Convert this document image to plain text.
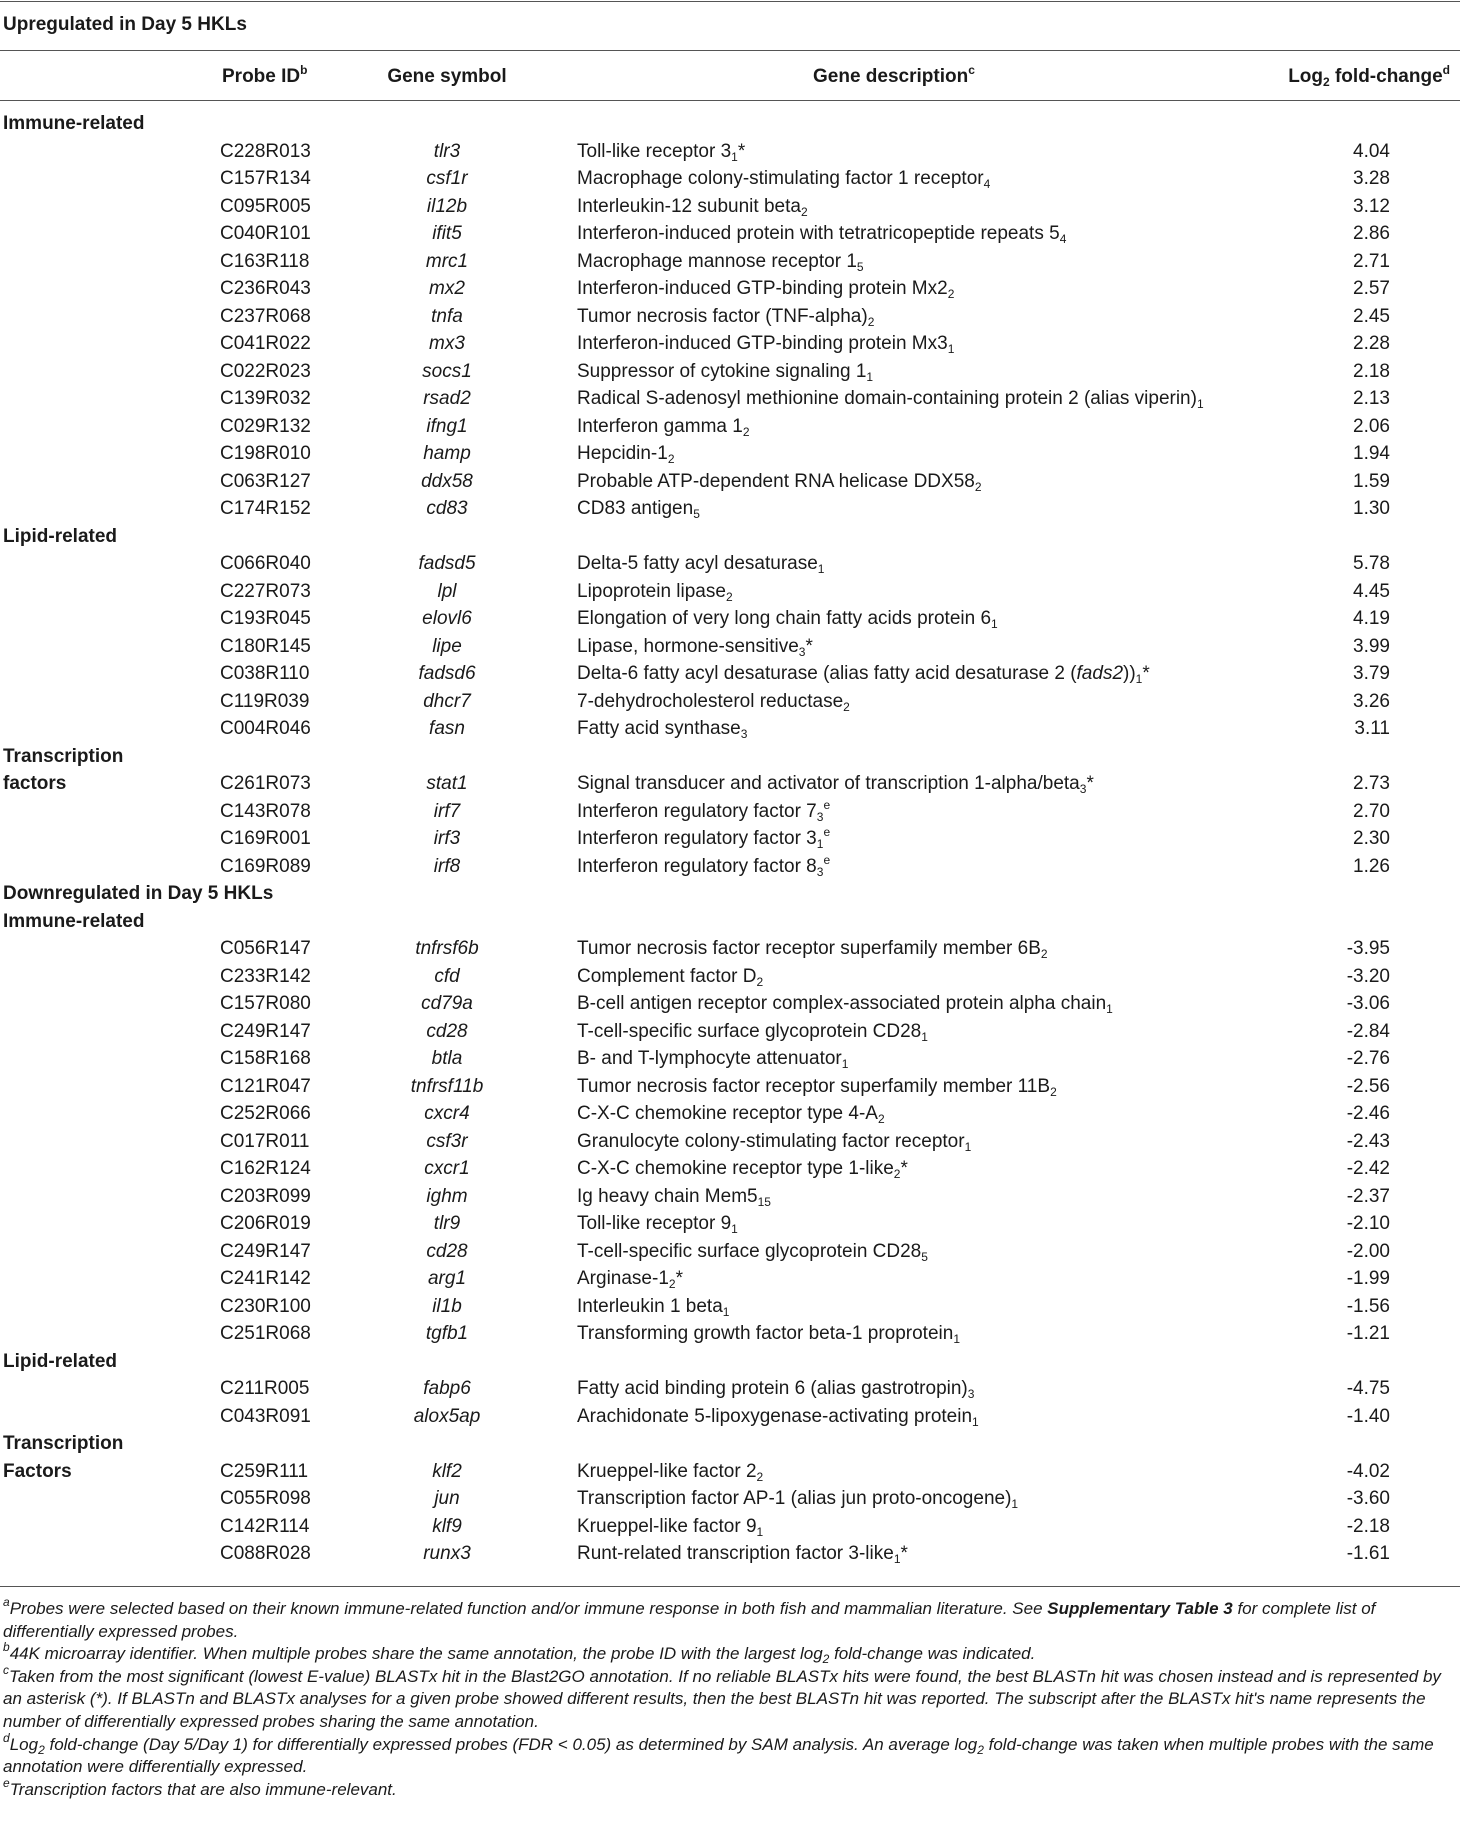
Upregulated in Day 5 HKLs
Probe $ID^b$	Gene symbol	Gene description$^c$	Log$_2$ fold-change$^d$
Immune-related
C228R013	tlr3	Toll-like receptor $3_1*$	4.04
C157R134	csf1r	Macrophage colony-stimulating factor 1 receptor$_4$	3.28
C095R005	il12b	Interleukin-12 subunit beta$_2$	3.12
C040R101	ifit5	Interferon-induced protein with tetratricopeptide repeats $5_4$	2.86
C163R118	mrc1	Macrophage mannose receptor $1_5$	2.71
C236R043	mx2	Interferon-induced GTP-binding protein $Mx2_2$	2.57
C237R068	tnfa	Tumor necrosis factor $(TNF-alpha)_2$	2.45
C041R022	mx3	Interferon-induced GTP-binding protein $Mx3_1$	2.28
C022R023	socs1	Suppressor of cytokine signaling $1_1$	2.18
C139R032	rsad2	Radical S-adenosyl methionine domain-containing protein 2 (alias $viperin)_1$	2.13
C029R132	ifng1	Interferon gamma $1_2$	2.06
C198R010	hamp	Hepcidin-$1_2$	1.94
C063R127	ddx58	Probable ATP-dependent RNA helicase $DDX58_2$	1.59
C174R152	cd83	CD83 antigen$_5$	1.30
Lipid-related
C066R040	fadsd5	Delta-5 fatty acyl desaturase$_1$	5.78
C227R073	lpl	Lipoprotein lipase$_2$	4.45
C193R045	elovl6	Elongation of very long chain fatty acids protein $6_1$	4.19
C180R145	lipe	Lipase, hormone-sensitive$_3$*	3.99
C038R110	fadsd6	Delta-6 fatty acyl desaturase (alias fatty acid desaturase 2 $(fads2))_1*$	3.79
C119R039	dhcr7	7-dehydrocholesterol reductase$_2$	3.26
C004R046	fasn	Fatty acid synthase$_3$	3.11
Transcription
factors	C261R073	stat1	Signal transducer and activator of transcription 1-alpha/beta$_3$*	2.73
C143R078	irf7	Interferon regulatory factor $7_3^e$	2.70
C169R001	irf3	Interferon regulatory factor $3_1^e$	2.30
C169R089	irf8	Interferon regulatory factor $8_3^e$	1.26
Downregulated in Day 5 HKLs
Immune-related
C056R147	tnfrsf6b	Tumor necrosis factor receptor superfamily member $6B_2$	-3.95
C233R142	cfd	Complement factor $D_2$	-3.20
C157R080	cd79a	B-cell antigen receptor complex-associated protein alpha chain$_1$	-3.06
C249R147	cd28	T-cell-specific surface glycoprotein $CD28_1$	-2.84
C158R168	btla	B- and T-lymphocyte attenuator$_1$	-2.76
C121R047	tnfrsf11b	Tumor necrosis factor receptor superfamily member $11B_2$	-2.56
C252R066	cxcr4	C-X-C chemokine receptor type $4-A_2$	-2.46
C017R011	csf3r	Granulocyte colony-stimulating factor receptor$_1$	-2.43
C162R124	cxcr1	C-X-C chemokine receptor type 1-like$_2$*	-2.42
C203R099	ighm	Ig heavy chain $Mem5_{15}$	-2.37
C206R019	tlr9	Toll-like receptor $9_1$	-2.10
C249R147	cd28	T-cell-specific surface glycoprotein $CD28_5$	-2.00
C241R142	arg1	Arginase-$1_2*$	-1.99
C230R100	il1b	Interleukin 1 beta$_1$	-1.56
C251R068	tgfb1	Transforming growth factor beta-1 proprotein$_1$	-1.21
Lipid-related
C211R005	fabp6	Fatty acid binding protein 6 (alias $gastrotropin)_3$	-4.75
C043R091	alox5ap	Arachidonate 5-lipoxygenase-activating protein$_1$	-1.40
Transcription
Factors	C259R111	klf2	Krueppel-like factor $2_2$	-4.02
C055R098	jun	Transcription factor AP-1 (alias jun proto-$oncogene)_1$	-3.60
C142R114	klf9	Krueppel-like factor $9_1$	-2.18
C088R028	runx3	Runt-related transcription factor 3-like$_1$*	-1.61

$^a$Probes were selected based on their known immune-related function and/or immune response in both fish and mammalian literature. See Supplementary Table 3 for complete list of differentially expressed probes.

$^b$44K microarray identifier. When multiple probes share the same annotation, the probe ID with the largest $\log_2$ fold-change was indicated.

$^c$Taken from the most significant (lowest E-value) BLASTx hit in the Blast2GO annotation. If no reliable BLASTx hits were found, the best BLASTn hit was chosen instead and is represented by an asterisk (*). If BLASTn and BLASTx analyses for a given probe showed different results, then the best BLASTn hit was reported. The subscript after the BLASTx hit's name represents the number of differentially expressed probes sharing the same annotation.

$^d$Log$_2$ fold-change (Day 5/Day 1) for differentially expressed probes (FDR < 0.05) as determined by SAM analysis. An average $\log_2$ fold-change was taken when multiple probes with the same annotation were differentially expressed.

$^e$Transcription factors that are also immune-relevant.
